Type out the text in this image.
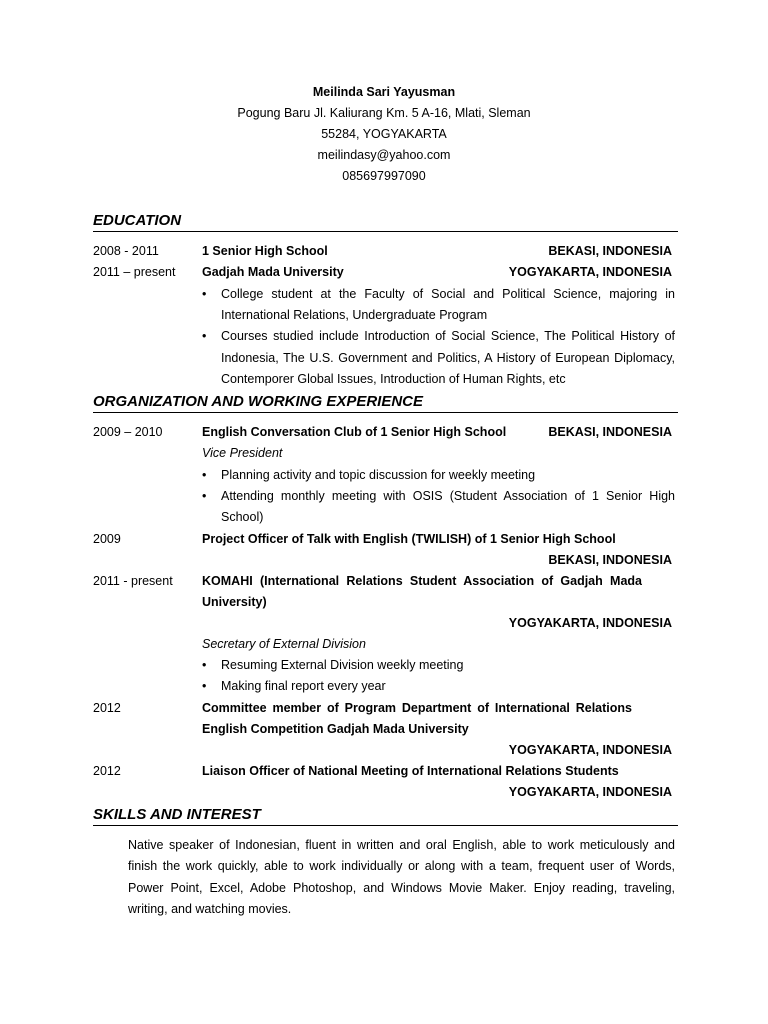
Meilinda Sari Yayusman
Pogung Baru Jl. Kaliurang Km. 5 A-16, Mlati, Sleman
55284, YOGYAKARTA
meilindasy@yahoo.com
085697997090
EDUCATION
2008 - 2011	1 Senior High School	BEKASI, INDONESIA
2011 – present Gadjah Mada University	YOGYAKARTA, INDONESIA
• College student at the Faculty of Social and Political Science, majoring in International Relations, Undergraduate Program
• Courses studied include Introduction of Social Science, The Political History of Indonesia, The U.S. Government and Politics, A History of European Diplomacy, Contemporer Global Issues, Introduction of Human Rights, etc
ORGANIZATION AND WORKING EXPERIENCE
2009 – 2010	English Conversation Club of 1 Senior High School	BEKASI, INDONESIA
Vice President
• Planning activity and topic discussion for weekly meeting
• Attending monthly meeting with OSIS (Student Association of 1 Senior High School)
2009	Project Officer of Talk with English (TWILISH) of 1 Senior High School
BEKASI, INDONESIA
2011 - present KOMAHI (International Relations Student Association of Gadjah Mada University)
YOGYAKARTA, INDONESIA
Secretary of External Division
• Resuming External Division weekly meeting
• Making final report every year
2012	Committee member of Program Department of International Relations English Competition Gadjah Mada University
YOGYAKARTA, INDONESIA
2012	Liaison Officer of National Meeting of International Relations Students
YOGYAKARTA, INDONESIA
SKILLS AND INTEREST
Native speaker of Indonesian, fluent in written and oral English, able to work meticulously and finish the work quickly, able to work individually or along with a team, frequent user of Words, Power Point, Excel, Adobe Photoshop, and Windows Movie Maker. Enjoy reading, traveling, writing, and watching movies.
